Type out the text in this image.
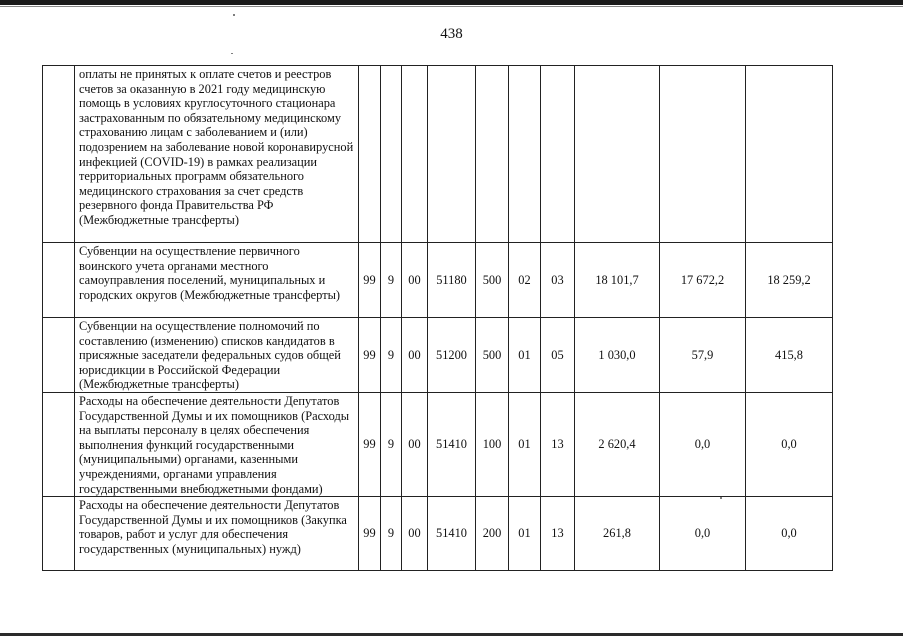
438
	оплаты не принятых к оплате счетов и реестров счетов за оказанную в 2021 году медицинскую помощь в условиях круглосуточного стационара застрахованным по обязательному медицинскому страхованию лицам с заболеванием и (или) подозрением на заболевание новой коронавирусной инфекцией (COVID-19) в рамках реализации территориальных программ обязательного медицинского страхования за счет средств резервного фонда Правительства РФ (Межбюджетные трансферты)										
	Субвенции на осуществление первичного воинского учета органами местного самоуправления поселений, муниципальных и городских округов (Межбюджетные трансферты)	99	9	00	51180	500	02	03	18 101,7	17 672,2	18 259,2
	Субвенции на осуществление полномочий по составлению (изменению) списков кандидатов в присяжные заседатели федеральных судов общей юрисдикции в Российской Федерации (Межбюджетные трансферты)	99	9	00	51200	500	01	05	1 030,0	57,9	415,8
	Расходы на обеспечение деятельности Депутатов Государственной Думы и их помощников (Расходы на выплаты персоналу в целях обеспечения выполнения функций государственными (муниципальными) органами, казенными учреждениями, органами управления государственными внебюджетными фондами)	99	9	00	51410	100	01	13	2 620,4	0,0	0,0
	Расходы на обеспечение деятельности Депутатов Государственной Думы и их помощников (Закупка товаров, работ и услуг для обеспечения государственных (муниципальных) нужд)	99	9	00	51410	200	01	13	261,8	0,0	0,0
